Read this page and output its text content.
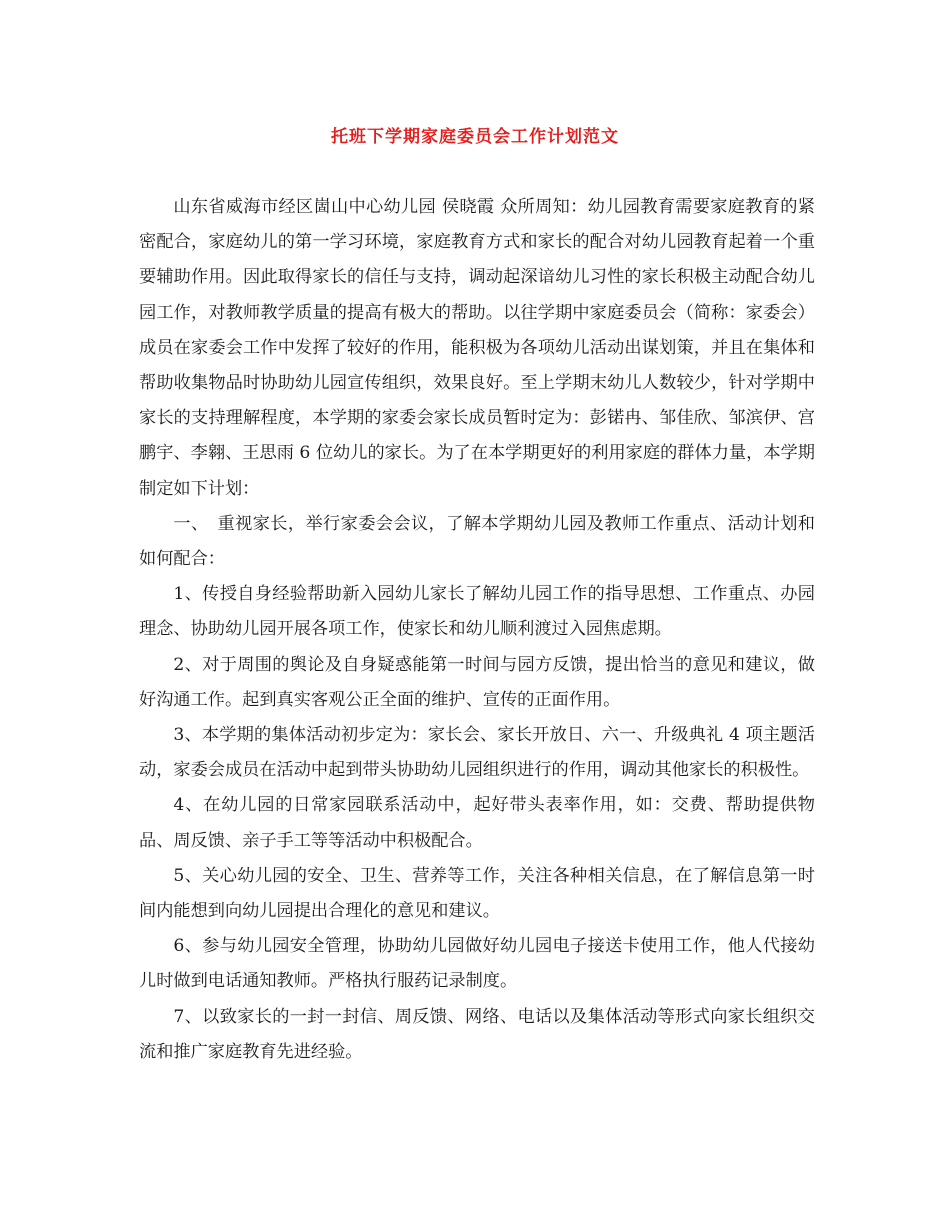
托班下学期家庭委员会工作计划范文

山东省威海市经区崮山中心幼儿园 侯晓霞 众所周知：幼儿园教育需要家庭教育的紧密配合，家庭幼儿的第一学习环境，家庭教育方式和家长的配合对幼儿园教育起着一个重要辅助作用。因此取得家长的信任与支持，调动起深谙幼儿习性的家长积极主动配合幼儿园工作，对教师教学质量的提高有极大的帮助。以往学期中家庭委员会（简称：家委会）成员在家委会工作中发挥了较好的作用，能积极为各项幼儿活动出谋划策，并且在集体和帮助收集物品时协助幼儿园宣传组织，效果良好。至上学期末幼儿人数较少，针对学期中家长的支持理解程度，本学期的家委会家长成员暂时定为：彭锘冉、邹佳欣、邹滨伊、宫鹏宇、李翱、王思雨 6 位幼儿的家长。为了在本学期更好的利用家庭的群体力量，本学期制定如下计划：

一、　重视家长，举行家委会会议，了解本学期幼儿园及教师工作重点、活动计划和如何配合：

1、传授自身经验帮助新入园幼儿家长了解幼儿园工作的指导思想、工作重点、办园理念、协助幼儿园开展各项工作，使家长和幼儿顺利渡过入园焦虑期。

2、对于周围的舆论及自身疑惑能第一时间与园方反馈，提出恰当的意见和建议，做好沟通工作。起到真实客观公正全面的维护、宣传的正面作用。

3、本学期的集体活动初步定为：家长会、家长开放日、六一、升级典礼 4 项主题活动，家委会成员在活动中起到带头协助幼儿园组织进行的作用，调动其他家长的积极性。

4、在幼儿园的日常家园联系活动中，起好带头表率作用，如：交费、帮助提供物品、周反馈、亲子手工等等活动中积极配合。

5、关心幼儿园的安全、卫生、营养等工作，关注各种相关信息，在了解信息第一时间内能想到向幼儿园提出合理化的意见和建议。

6、参与幼儿园安全管理，协助幼儿园做好幼儿园电子接送卡使用工作，他人代接幼儿时做到电话通知教师。严格执行服药记录制度。

7、以致家长的一封一封信、周反馈、网络、电话以及集体活动等形式向家长组织交流和推广家庭教育先进经验。
